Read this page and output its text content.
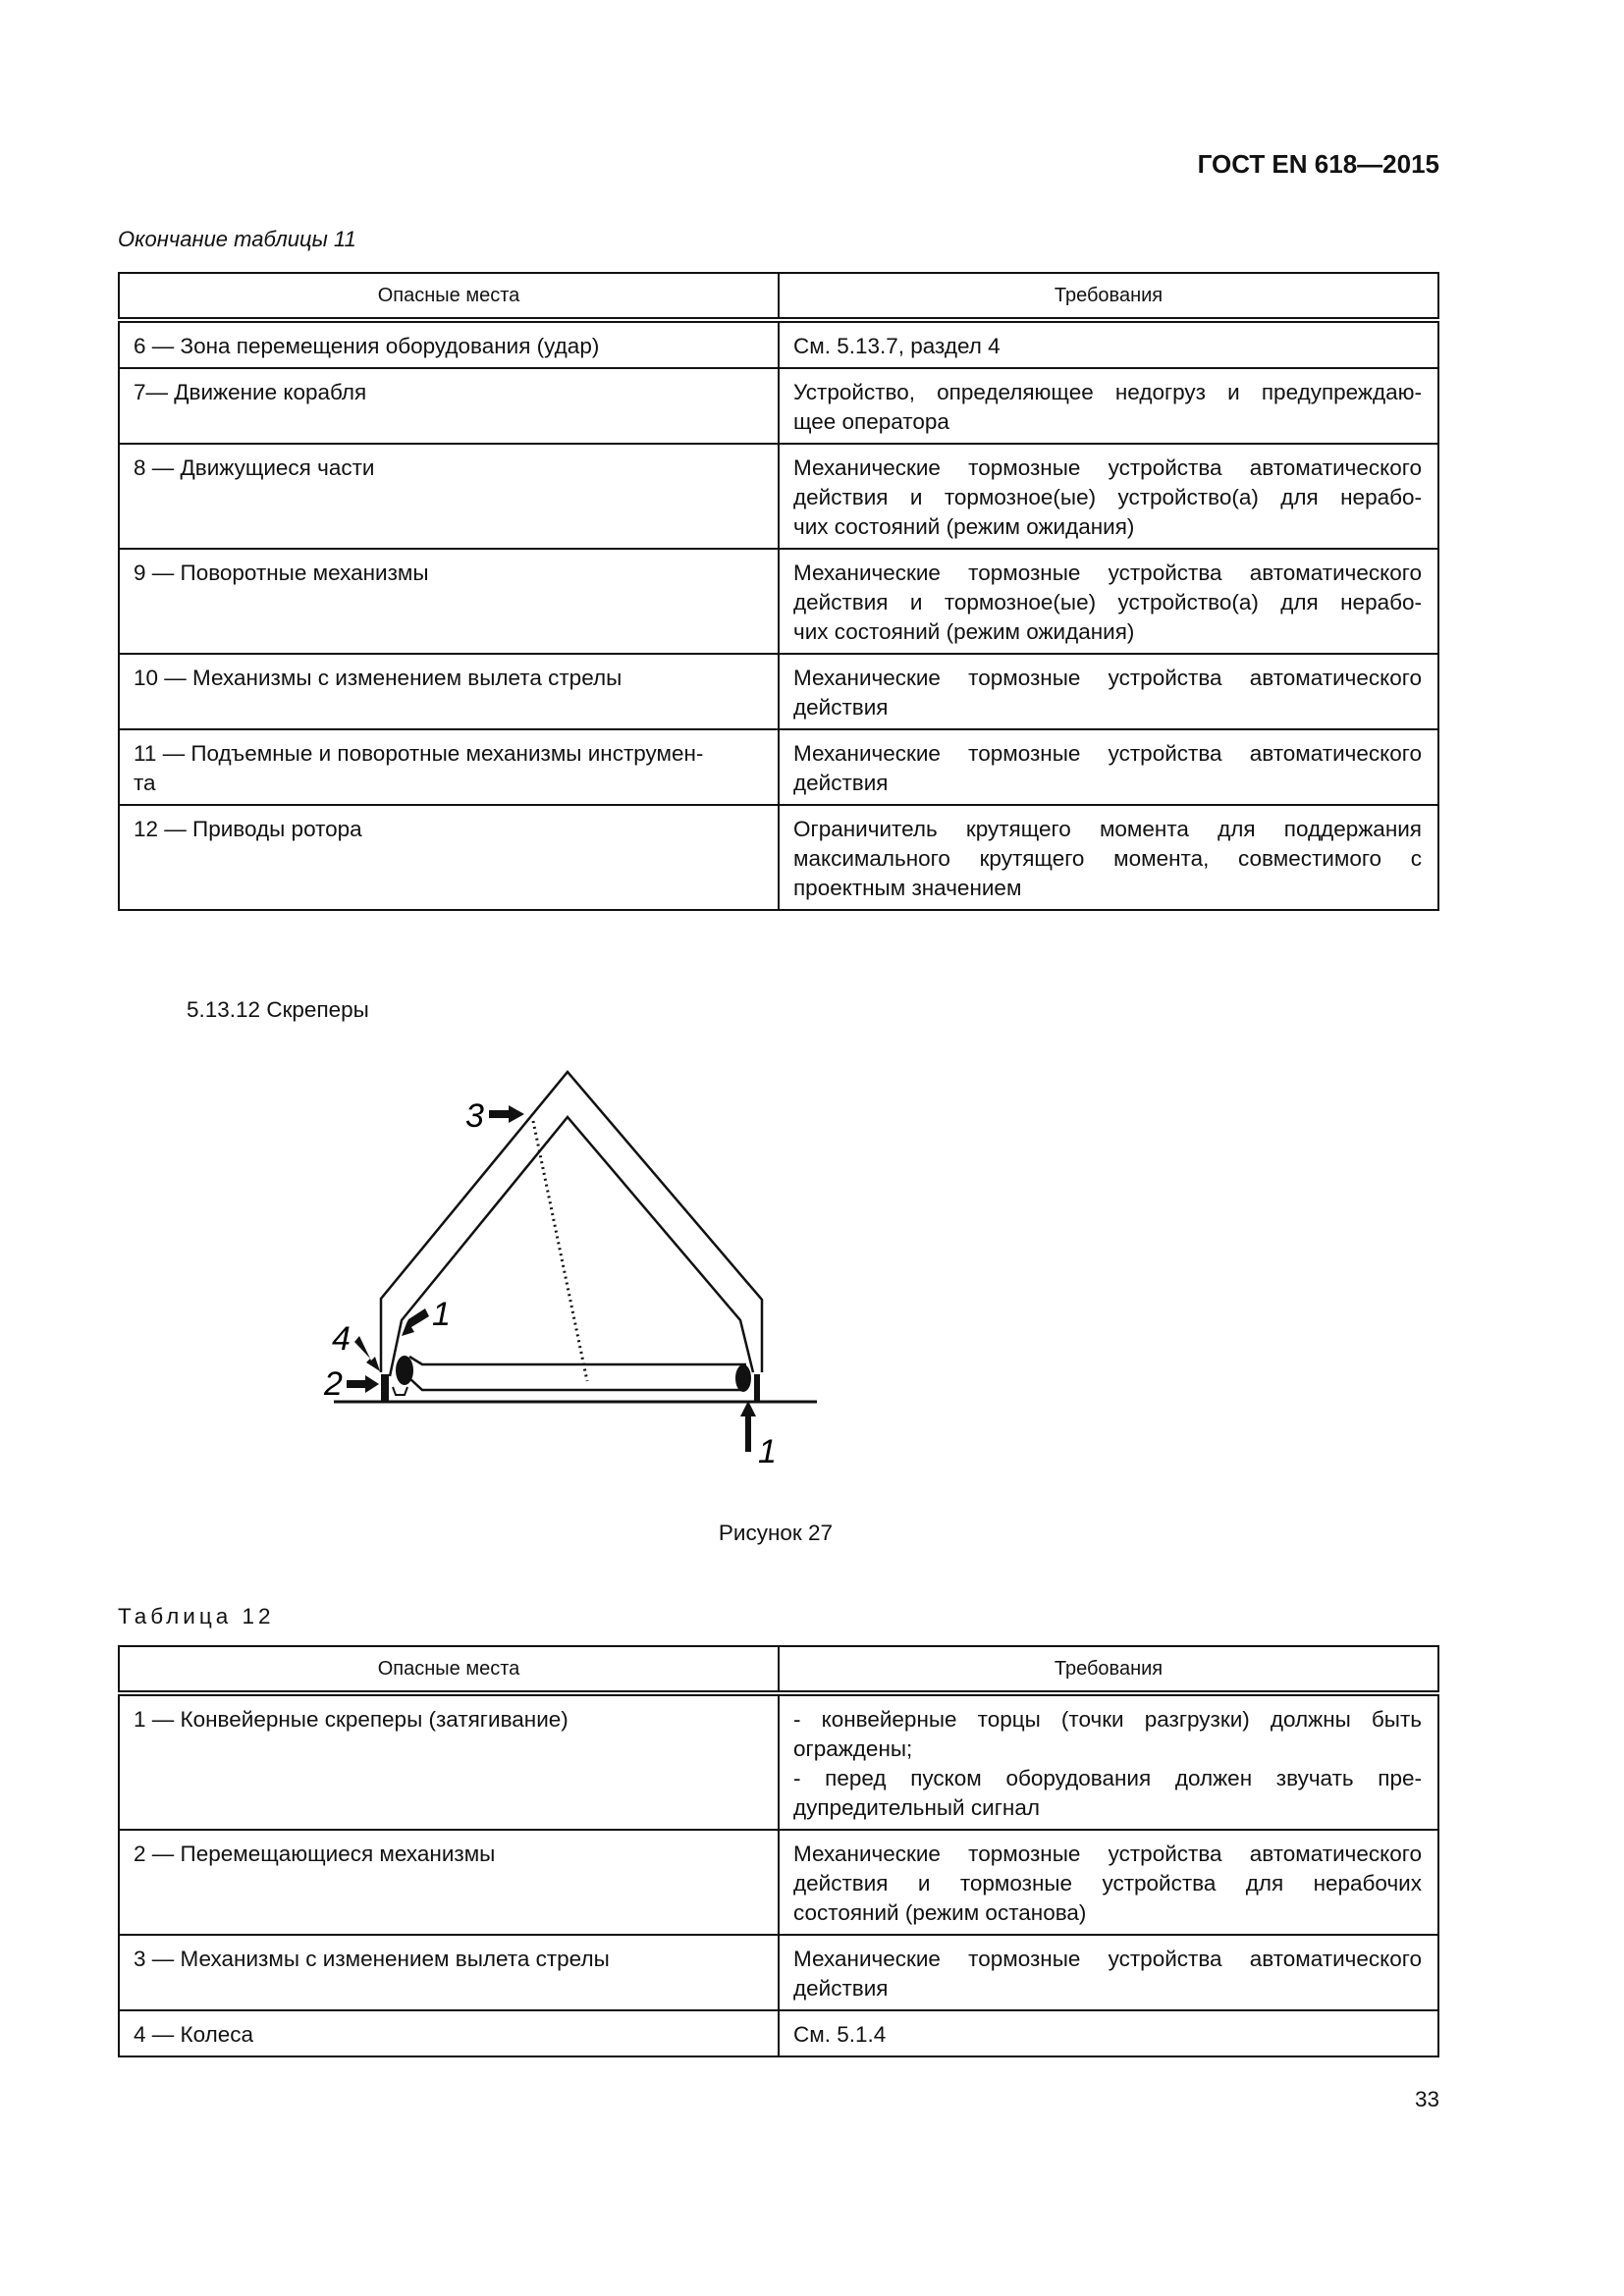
ГОСТ EN 618—2015
Окончание таблицы 11
Опасные места	Требования

6 — Зона перемещения оборудования (удар)	См. 5.13.7, раздел 4

7— Движение корабля	Устройство, определяющее недогруз и предупреждаю-
щее оператора

8 — Движущиеся части	Механические тормозные устройства автоматического
действия и тормозное(ые) устройство(а) для нерабо-
чих состояний (режим ожидания)

9 — Поворотные механизмы	Механические тормозные устройства автоматического
действия и тормозное(ые) устройство(а) для нерабо-
чих состояний (режим ожидания)

10 — Механизмы с изменением вылета стрелы	Механические тормозные устройства автоматического
действия

11 — Подъемные и поворотные механизмы инструмен-
та	Механические тормозные устройства автоматического
действия

12 — Приводы ротора	Ограничитель крутящего момента для поддержания
максимального крутящего момента, совместимого с
проектным значением
5.13.12 Скреперы
3
1
4
2
1
Рисунок 27
Таблица 12
Опасные места	Требования

1 — Конвейерные скреперы (затягивание)	- конвейерные торцы (точки разгрузки) должны быть
ограждены;
- перед пуском оборудования должен звучать пре-
дупредительный сигнал

2 — Перемещающиеся механизмы	Механические тормозные устройства автоматического
действия и тормозные устройства для нерабочих
состояний (режим останова)

3 — Механизмы с изменением вылета стрелы	Механические тормозные устройства автоматического
действия

4 — Колеса	См. 5.1.4
33
